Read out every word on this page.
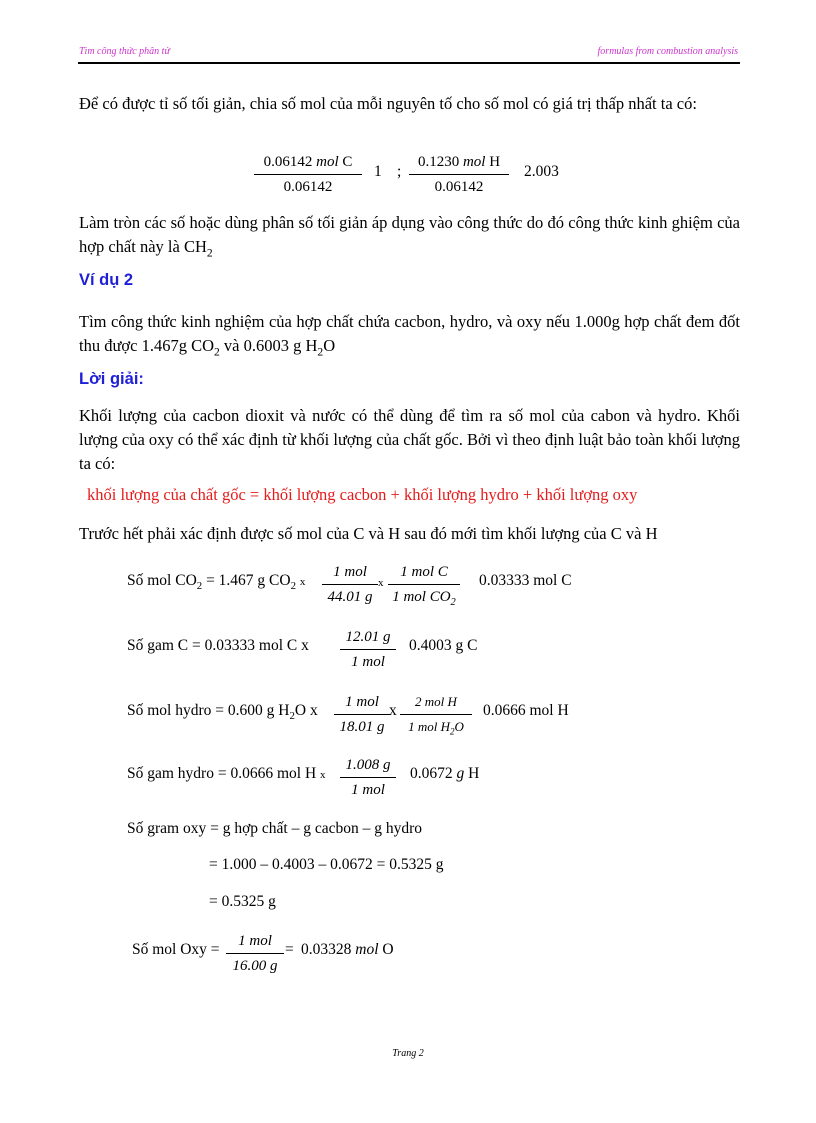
Tìm công thức phân tử	formulas from combustion analysis
Để có được tỉ số tối giản, chia số mol của mỗi nguyên tố cho số mol có giá trị thấp nhất ta có:
0.06142 mol C
0.06142
1 ;
0.1230 mol H
0.06142
2.003
Làm tròn các số hoặc dùng phân số tối giản áp dụng vào công thức do đó công thức kinh ghiệm của hợp chất này là $CH_2$
Ví dụ 2
Tìm công thức kinh nghiệm của hợp chất chứa cacbon, hydro, và oxy nếu 1.000g hợp chất đem đốt thu được 1.467g $CO_2$ và 0.6003 g $H_2O$
Lời giải:
Khối lượng của cacbon dioxit và nước có thể dùng để tìm ra số mol của cabon và hydro. Khối lượng của oxy có thể xác định từ khối lượng của chất gốc. Bởi vì theo định luật bảo toàn khối lượng ta có:
khối lượng của chất gốc = khối lượng cacbon + khối lượng hydro + khối lượng oxy
Trước hết phải xác định được số mol của C và H sau đó mới tìm khối lượng của C và H
Số mol $CO_2 = 1.467$ g $CO_2$ x
1 mol
44.01 g
x
1 mol C
1 mol $CO_2$
0.03333 mol C
Số gam C = 0.03333 mol C x	12.01 g
1 mol
0.4003 g C
Số mol hydro = 0.600 g $H_2O$ x	1 mol
18.01 g
x
2 mol H
1 mol $H_2O$
0.0666 mol H
Số gam hydro = 0.0666 mol H x
1.008 g
1 mol
0.0672 g H
Số gram oxy = g hợp chất – g cacbon – g hydro
= 1.000 – 0.4003 – 0.0672 = 0.5325 g
= 0.5325 g
Số mol Oxy =	1 mol
16.00 g
= 0.03328 mol O
Trang 2
